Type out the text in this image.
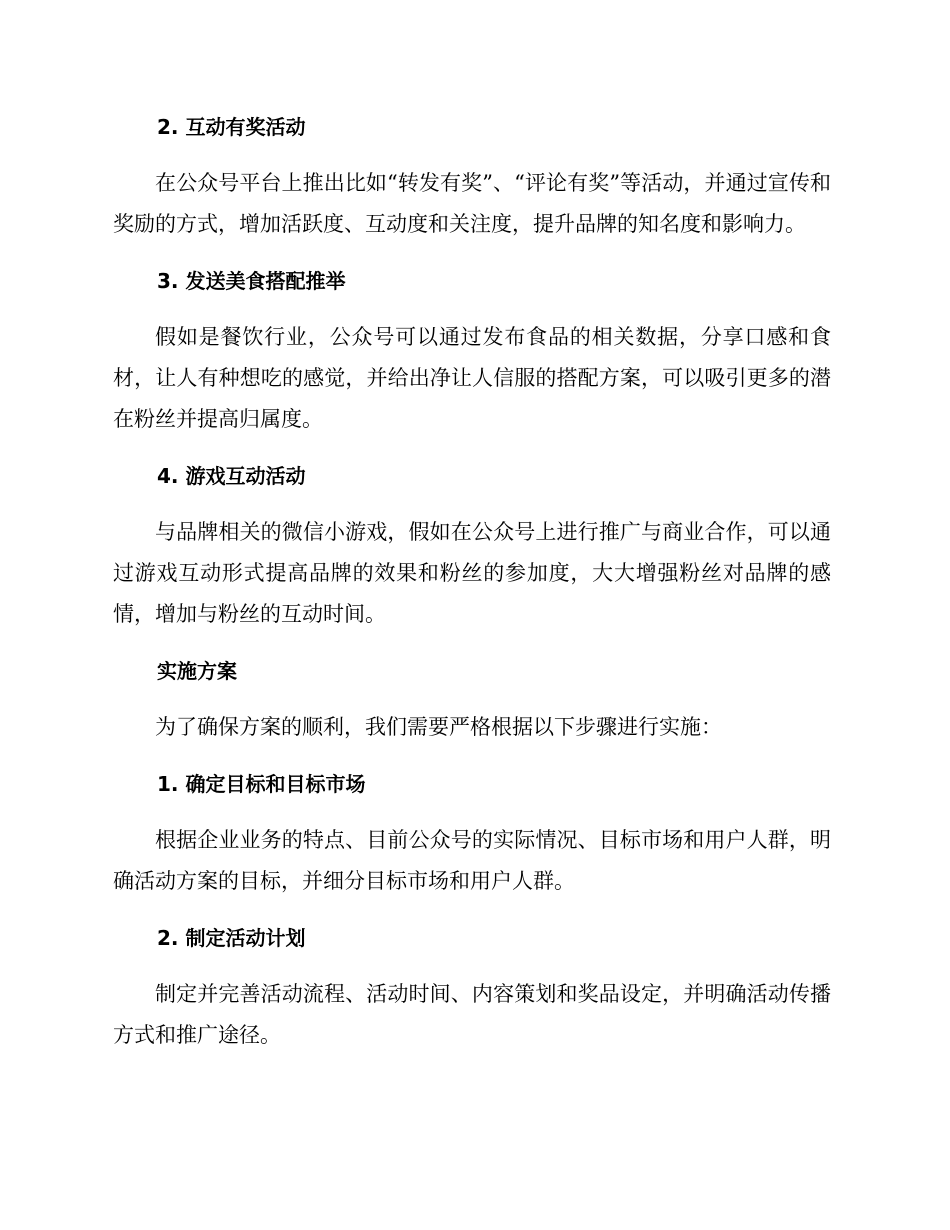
2. 互动有奖活动

在公众号平台上推出比如“转发有奖”、“评论有奖”等活动，并通过宣传和奖励的方式，增加活跃度、互动度和关注度，提升品牌的知名度和影响力。

3. 发送美食搭配推举

假如是餐饮行业，公众号可以通过发布食品的相关数据，分享口感和食材，让人有种想吃的感觉，并给出净让人信服的搭配方案，可以吸引更多的潜在粉丝并提高归属度。

4. 游戏互动活动

与品牌相关的微信小游戏，假如在公众号上进行推广与商业合作，可以通过游戏互动形式提高品牌的效果和粉丝的参加度，大大增强粉丝对品牌的感情，增加与粉丝的互动时间。

实施方案

为了确保方案的顺利，我们需要严格根据以下步骤进行实施：

1. 确定目标和目标市场

根据企业业务的特点、目前公众号的实际情况、目标市场和用户人群，明确活动方案的目标，并细分目标市场和用户人群。

2. 制定活动计划

制定并完善活动流程、活动时间、内容策划和奖品设定，并明确活动传播方式和推广途径。
